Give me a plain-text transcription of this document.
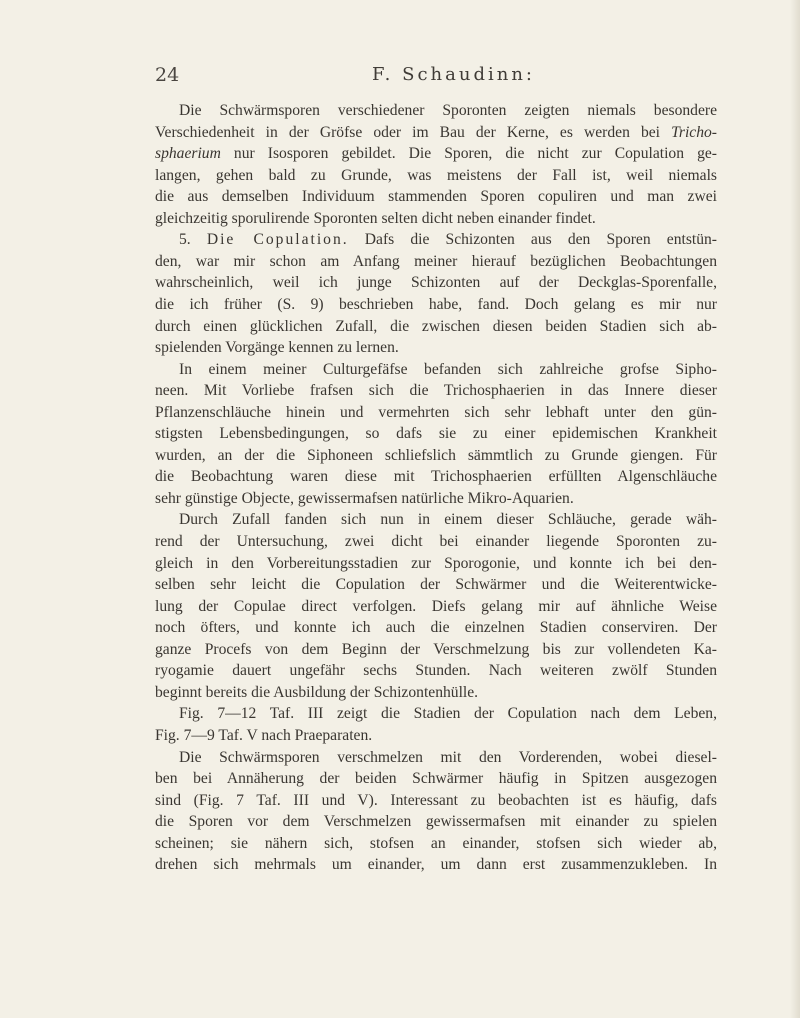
24	F. Schaudinn:
Die Schwärmsporen verschiedener Sporonten zeigten niemals besondere
Verschiedenheit in der Gröfse oder im Bau der Kerne, es werden bei Tricho-
sphaerium nur Isosporen gebildet. Die Sporen, die nicht zur Copulation ge-
langen, gehen bald zu Grunde, was meistens der Fall ist, weil niemals
die aus demselben Individuum stammenden Sporen copuliren und man zwei
gleichzeitig sporulirende Sporonten selten dicht neben einander findet.
5. Die Copulation. Dafs die Schizonten aus den Sporen entstün-
den, war mir schon am Anfang meiner hierauf bezüglichen Beobachtungen
wahrscheinlich, weil ich junge Schizonten auf der Deckglas-Sporenfalle,
die ich früher (S. 9) beschrieben habe, fand. Doch gelang es mir nur
durch einen glücklichen Zufall, die zwischen diesen beiden Stadien sich ab-
spielenden Vorgänge kennen zu lernen.
In einem meiner Culturgefäfse befanden sich zahlreiche grofse Sipho-
neen. Mit Vorliebe frafsen sich die Trichosphaerien in das Innere dieser
Pflanzenschläuche hinein und vermehrten sich sehr lebhaft unter den gün-
stigsten Lebensbedingungen, so dafs sie zu einer epidemischen Krankheit
wurden, an der die Siphoneen schliefslich sämmtlich zu Grunde giengen. Für
die Beobachtung waren diese mit Trichosphaerien erfüllten Algenschläuche
sehr günstige Objecte, gewissermafsen natürliche Mikro-Aquarien.
Durch Zufall fanden sich nun in einem dieser Schläuche, gerade wäh-
rend der Untersuchung, zwei dicht bei einander liegende Sporonten zu-
gleich in den Vorbereitungsstadien zur Sporogonie, und konnte ich bei den-
selben sehr leicht die Copulation der Schwärmer und die Weiterentwicke-
lung der Copulae direct verfolgen. Diefs gelang mir auf ähnliche Weise
noch öfters, und konnte ich auch die einzelnen Stadien conserviren. Der
ganze Procefs von dem Beginn der Verschmelzung bis zur vollendeten Ka-
ryogamie dauert ungefähr sechs Stunden. Nach weiteren zwölf Stunden
beginnt bereits die Ausbildung der Schizontenhülle.
Fig. 7—12 Taf. III zeigt die Stadien der Copulation nach dem Leben,
Fig. 7—9 Taf. V nach Praeparaten.
Die Schwärmsporen verschmelzen mit den Vorderenden, wobei diesel-
ben bei Annäherung der beiden Schwärmer häufig in Spitzen ausgezogen
sind (Fig. 7 Taf. III und V). Interessant zu beobachten ist es häufig, dafs
die Sporen vor dem Verschmelzen gewissermafsen mit einander zu spielen
scheinen; sie nähern sich, stofsen an einander, stofsen sich wieder ab,
drehen sich mehrmals um einander, um dann erst zusammenzukleben. In
